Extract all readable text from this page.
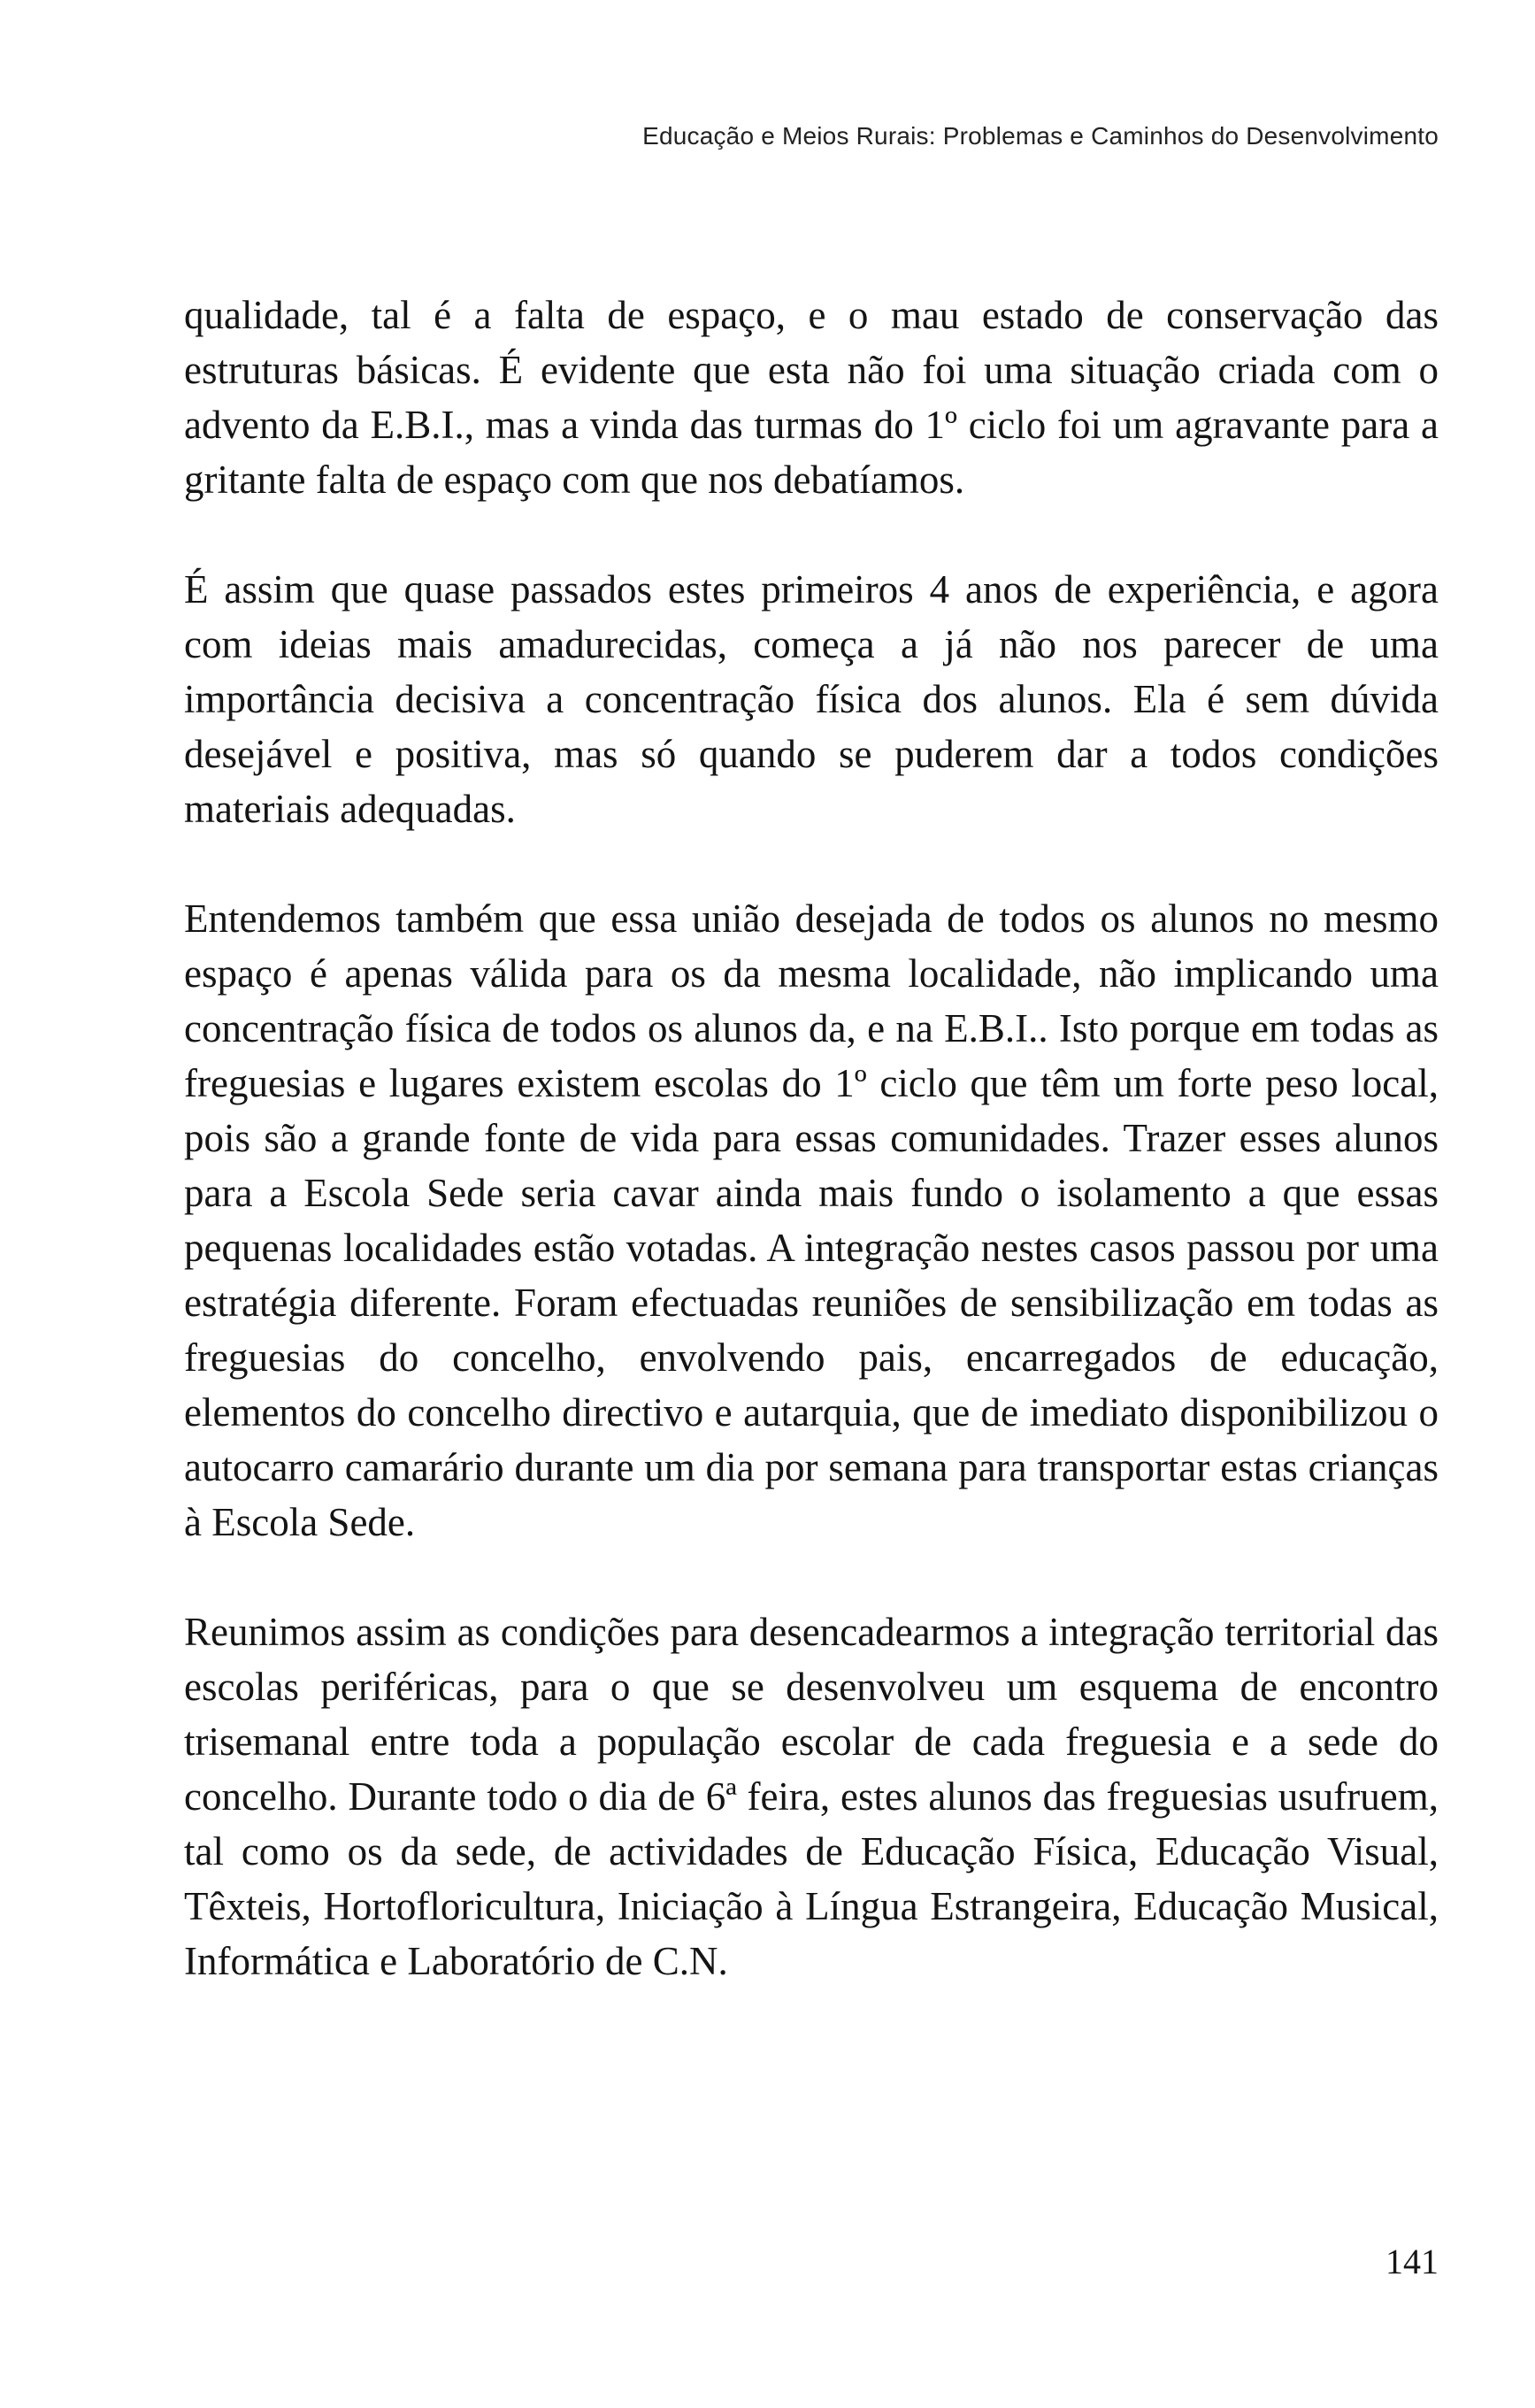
Educação e Meios Rurais: Problemas e Caminhos do Desenvolvimento

qualidade, tal é a falta de espaço, e o mau estado de conservação das estruturas básicas. É evidente que esta não foi uma situação criada com o advento da E.B.I., mas a vinda das turmas do 1º ciclo foi um agravante para a gritante falta de espaço com que nos debatíamos.

É assim que quase passados estes primeiros 4 anos de experiência, e agora com ideias mais amadurecidas, começa a já não nos parecer de uma importância decisiva a concentração física dos alunos. Ela é sem dúvida desejável e positiva, mas só quando se puderem dar a todos condições materiais adequadas.

Entendemos também que essa união desejada de todos os alunos no mesmo espaço é apenas válida para os da mesma localidade, não implicando uma concentração física de todos os alunos da, e na E.B.I.. Isto porque em todas as freguesias e lugares existem escolas do 1º ciclo que têm um forte peso local, pois são a grande fonte de vida para essas comunidades. Trazer esses alunos para a Escola Sede seria cavar ainda mais fundo o isolamento a que essas pequenas localidades estão votadas. A integração nestes casos passou por uma estratégia diferente. Foram efectuadas reuniões de sensibilização em todas as freguesias do concelho, envolvendo pais, encarregados de educação, elementos do concelho directivo e autarquia, que de imediato disponibilizou o autocarro camarário durante um dia por semana para transportar estas crianças à Escola Sede.

Reunimos assim as condições para desencadearmos a integração territorial das escolas periféricas, para o que se desenvolveu um esquema de encontro trisemanal entre toda a população escolar de cada freguesia e a sede do concelho. Durante todo o dia de 6ª feira, estes alunos das freguesias usufruem, tal como os da sede, de actividades de Educação Física, Educação Visual, Têxteis, Hortofloricultura, Iniciação à Língua Estrangeira, Educação Musical, Informática e Laboratório de C.N.

141
